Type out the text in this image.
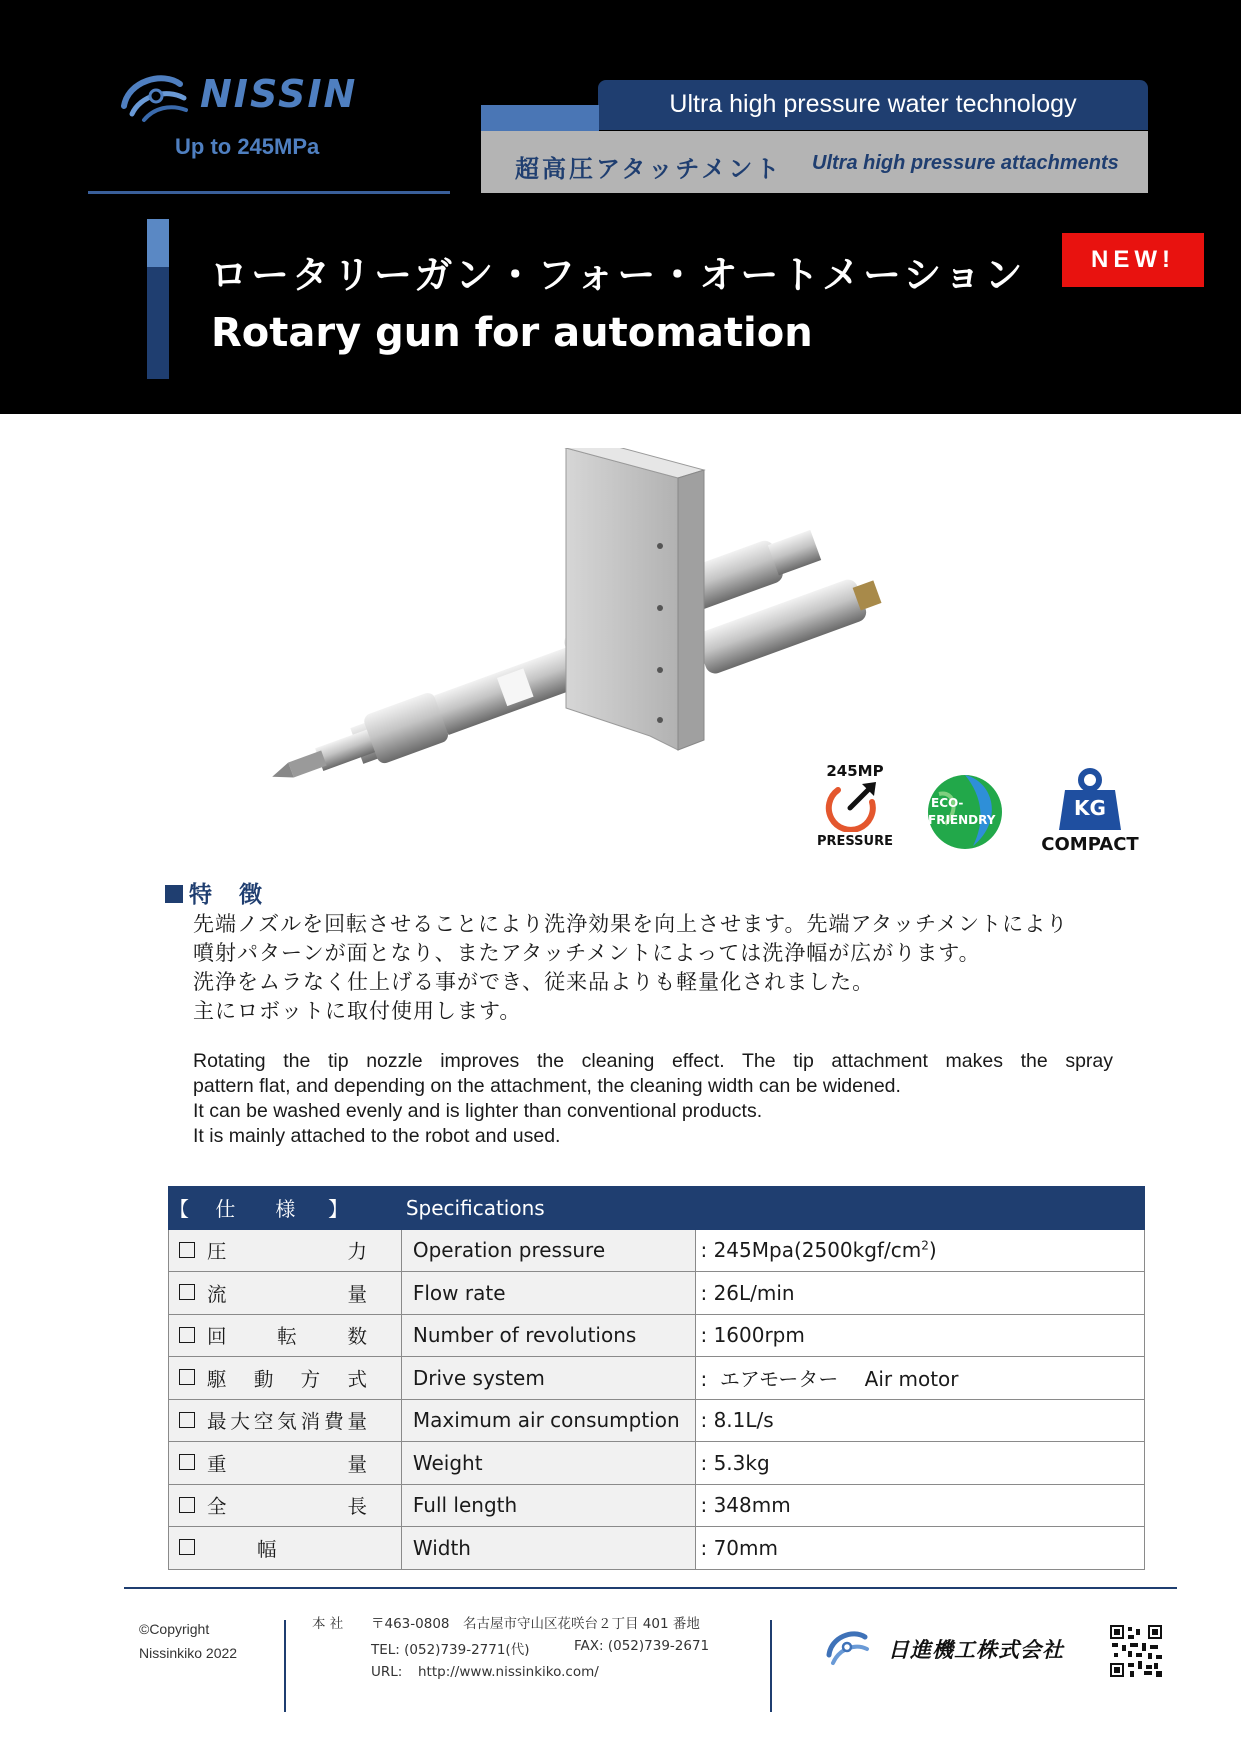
NISSIN
Up to 245MPa
Ultra high pressure water technology
超高圧アタッチメント Ultra high pressure attachments
ロータリーガン・フォー・オートメーション
Rotary gun for automation
NEW!
245MP
PRESSURE
ECO-
FRIENDRY	KG
COMPACT
特　徴
先端ノズルを回転させることにより洗浄効果を向上させます。先端アタッチメントにより
噴射パターンが面となり、またアタッチメントによっては洗浄幅が広がります。
洗浄をムラなく仕上げる事ができ、従来品よりも軽量化されました。
主にロボットに取付使用します。
Rotating the tip nozzle improves the cleaning effect. The tip attachment makes the spray
pattern flat, and depending on the attachment, the cleaning width can be widened.
It can be washed evenly and is lighter than conventional products.
It is mainly attached to the robot and used.
【　 仕　　様　  】	Specifications	
圧力	Operation pressure	: $245Mpa(2500kgf/cm^2)$
流量	Flow rate	: 26L/min
回転数	Number of revolutions	: 1600rpm
駆動方式	Drive system	:  エアモーター　 Air motor
最大空気消費量	Maximum air consumption	: 8.1L/s
重量	Weight	: 5.3kg
全長	Full length	: 348mm
幅	Width	: 70mm
©Copyright
Nissinkiko 2022
本 社 〒463-0808　名古屋市守山区花咲台２丁目 401 番地
TEL: (052)739-2771(代)	FAX: (052)739-2671
URL: http://www.nissinkiko.com/
日進機工株式会社
